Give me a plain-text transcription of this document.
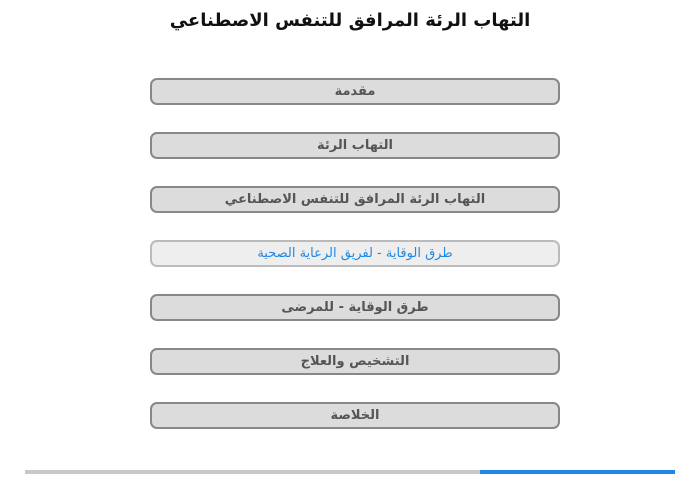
التهاب الرئة المرافق للتنفس الاصطناعي
مقدمة
التهاب الرئة
التهاب الرئة المرافق للتنفس الاصطناعي
طرق الوقاية - لفريق الرعاية الصحية
طرق الوقاية - للمرضى
التشخيص والعلاج
الخلاصة
